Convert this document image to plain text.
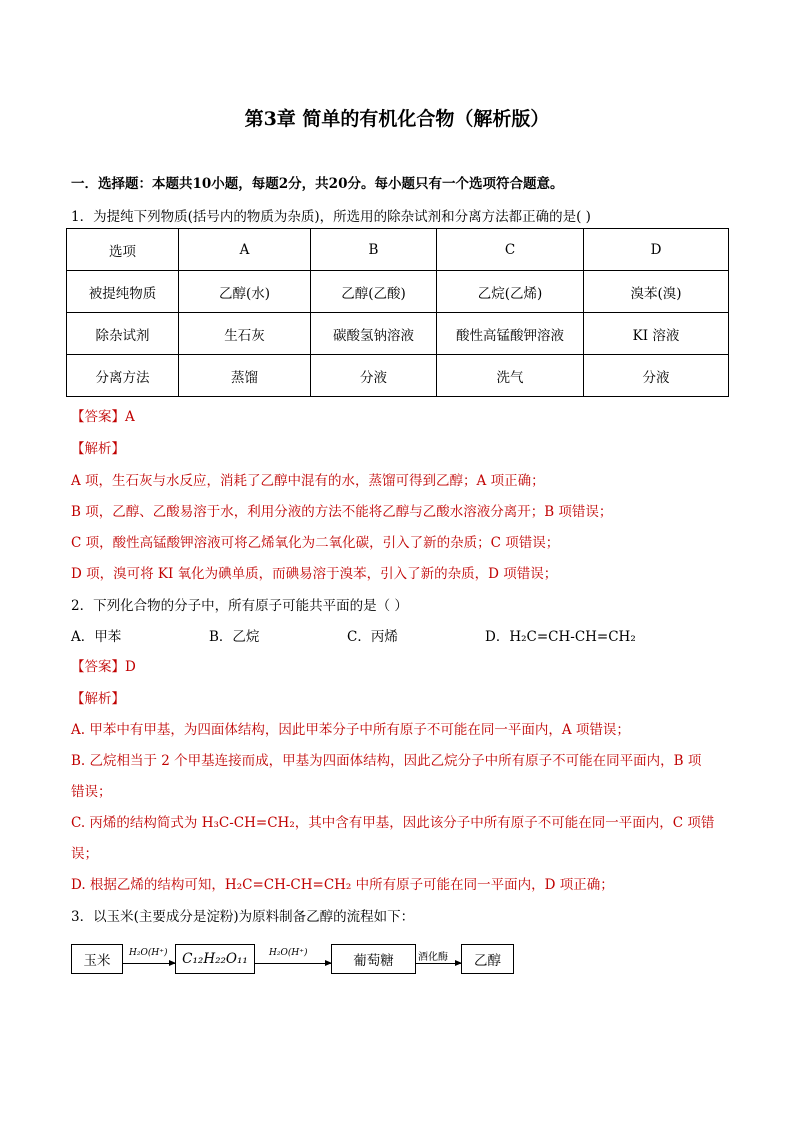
第3章 简单的有机化合物（解析版）
一．选择题：本题共10小题，每题2分，共20分。每小题只有一个选项符合题意。
1．为提纯下列物质(括号内的物质为杂质)，所选用的除杂试剂和分离方法都正确的是( )
选项	A	B	C	D
被提纯物质	乙醇(水)	乙醇(乙酸)	乙烷(乙烯)	溴苯(溴)
除杂试剂	生石灰	碳酸氢钠溶液	酸性高锰酸钾溶液	KI 溶液
分离方法	蒸馏	分液	洗气	分液
【答案】A
【解析】
A 项，生石灰与水反应，消耗了乙醇中混有的水，蒸馏可得到乙醇；A 项正确；
B 项，乙醇、乙酸易溶于水，利用分液的方法不能将乙醇与乙酸水溶液分离开；B 项错误；
C 项，酸性高锰酸钾溶液可将乙烯氧化为二氧化碳，引入了新的杂质；C 项错误；
D 项，溴可将 KI 氧化为碘单质，而碘易溶于溴苯，引入了新的杂质，D 项错误；
2．下列化合物的分子中，所有原子可能共平面的是（ ）
A．甲苯	B．乙烷	C．丙烯	D．H₂C=CH-CH=CH₂
【答案】D
【解析】
A. 甲苯中有甲基，为四面体结构，因此甲苯分子中所有原子不可能在同一平面内，A 项错误；
B. 乙烷相当于 2 个甲基连接而成，甲基为四面体结构，因此乙烷分子中所有原子不可能在同平面内，B 项
错误；
C. 丙烯的结构简式为 H₃C-CH=CH₂，其中含有甲基，因此该分子中所有原子不可能在同一平面内，C 项错
误；
D. 根据乙烯的结构可知，H₂C=CH-CH=CH₂ 中所有原子可能在同一平面内，D 项正确；
3．以玉米(主要成分是淀粉)为原料制备乙醇的流程如下：
玉米	H₂O(H⁺)	C₁₂H₂₂O₁₁	H₂O(H⁺)	葡萄糖	酒化酶	乙醇
